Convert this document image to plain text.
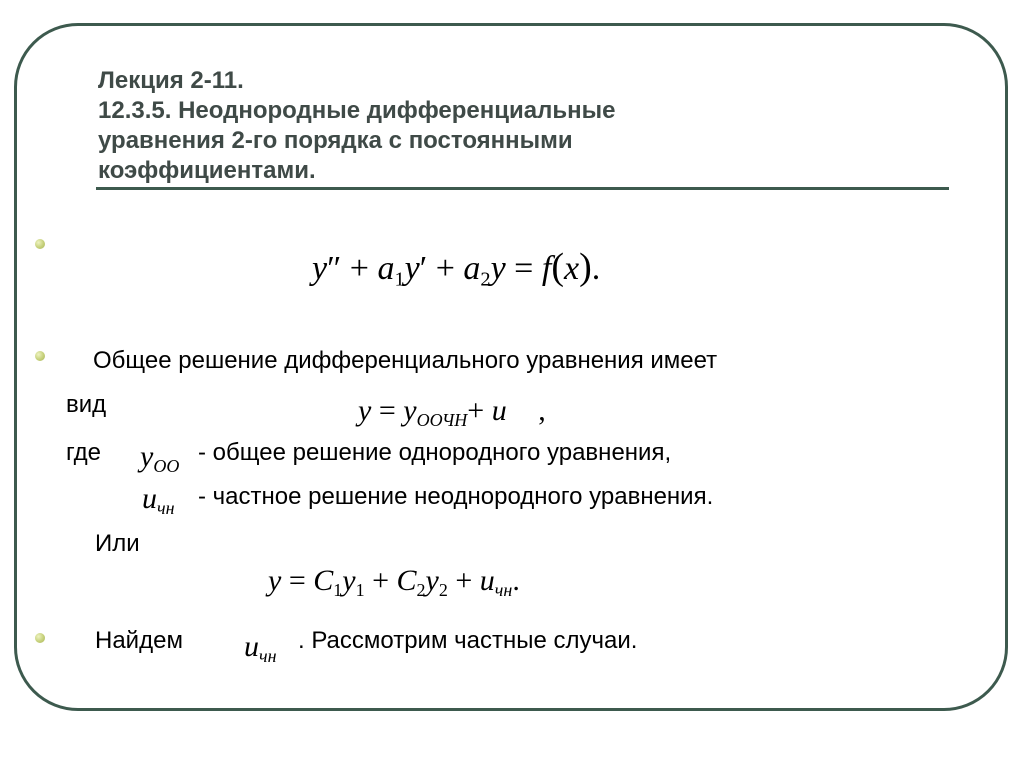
Лекция 2-11.
12.3.5. Неоднородные дифференциальные
уравнения 2-го порядка с постоянными
коэффициентами.
$y'' + a_1y' + a_2y = f(x)$.
Общее решение дифференциального уравнения имеет
вид	$y = y_{ООЧН}+ u$ ,
где $y_{ОО}$ - общее решение однородного уравнения,
$u_{чн}$ - частное решение неоднородного уравнения.
Или
$y = C_1y_1 + C_2y_2 + u_{чн}$.
Найдем $u_{чн}$
. Рассмотрим частные случаи.
